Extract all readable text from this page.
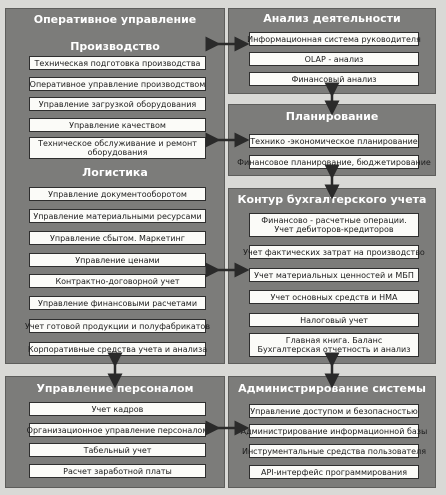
Оперативное управление
Производство
Техническая подготовка производства
Оперативное управление производством
Управление загрузкой оборудования
Управление качеством
Техническое обслуживание и ремонт
оборудования
Логистика
Управление документооборотом
Управление материальными ресурсами
Управление сбытом. Маркетинг
Управление ценами
Контрактно-договорной учет
Управление финансовыми расчетами
Учет готовой продукции и полуфабрикатов
Корпоративные средства учета и анализа
Анализ деятельности
Информационная система руководителя
OLAP - анализ
Финансовый анализ
Планирование
Технико -экономическое планирование
Финансовое планирование, бюджетирование
Контур бухгалтерского учета
Финансово - расчетные операции.
Учет дебиторов-кредиторов
Учет фактических затрат на производство
Учет материальных ценностей и МБП
Учет основных средств и НМА
Налоговый учет
Главная книга. Баланс
Бухгалтерская отчетность и анализ
Управление персоналом
Учет кадров
Организационное управление персоналом
Табельный учет
Расчет заработной платы
Администрирование системы
Управление доступом и безопасностью
Администрирование информационной базы
Инструментальные средства пользователя
API-интерфейс программирования
